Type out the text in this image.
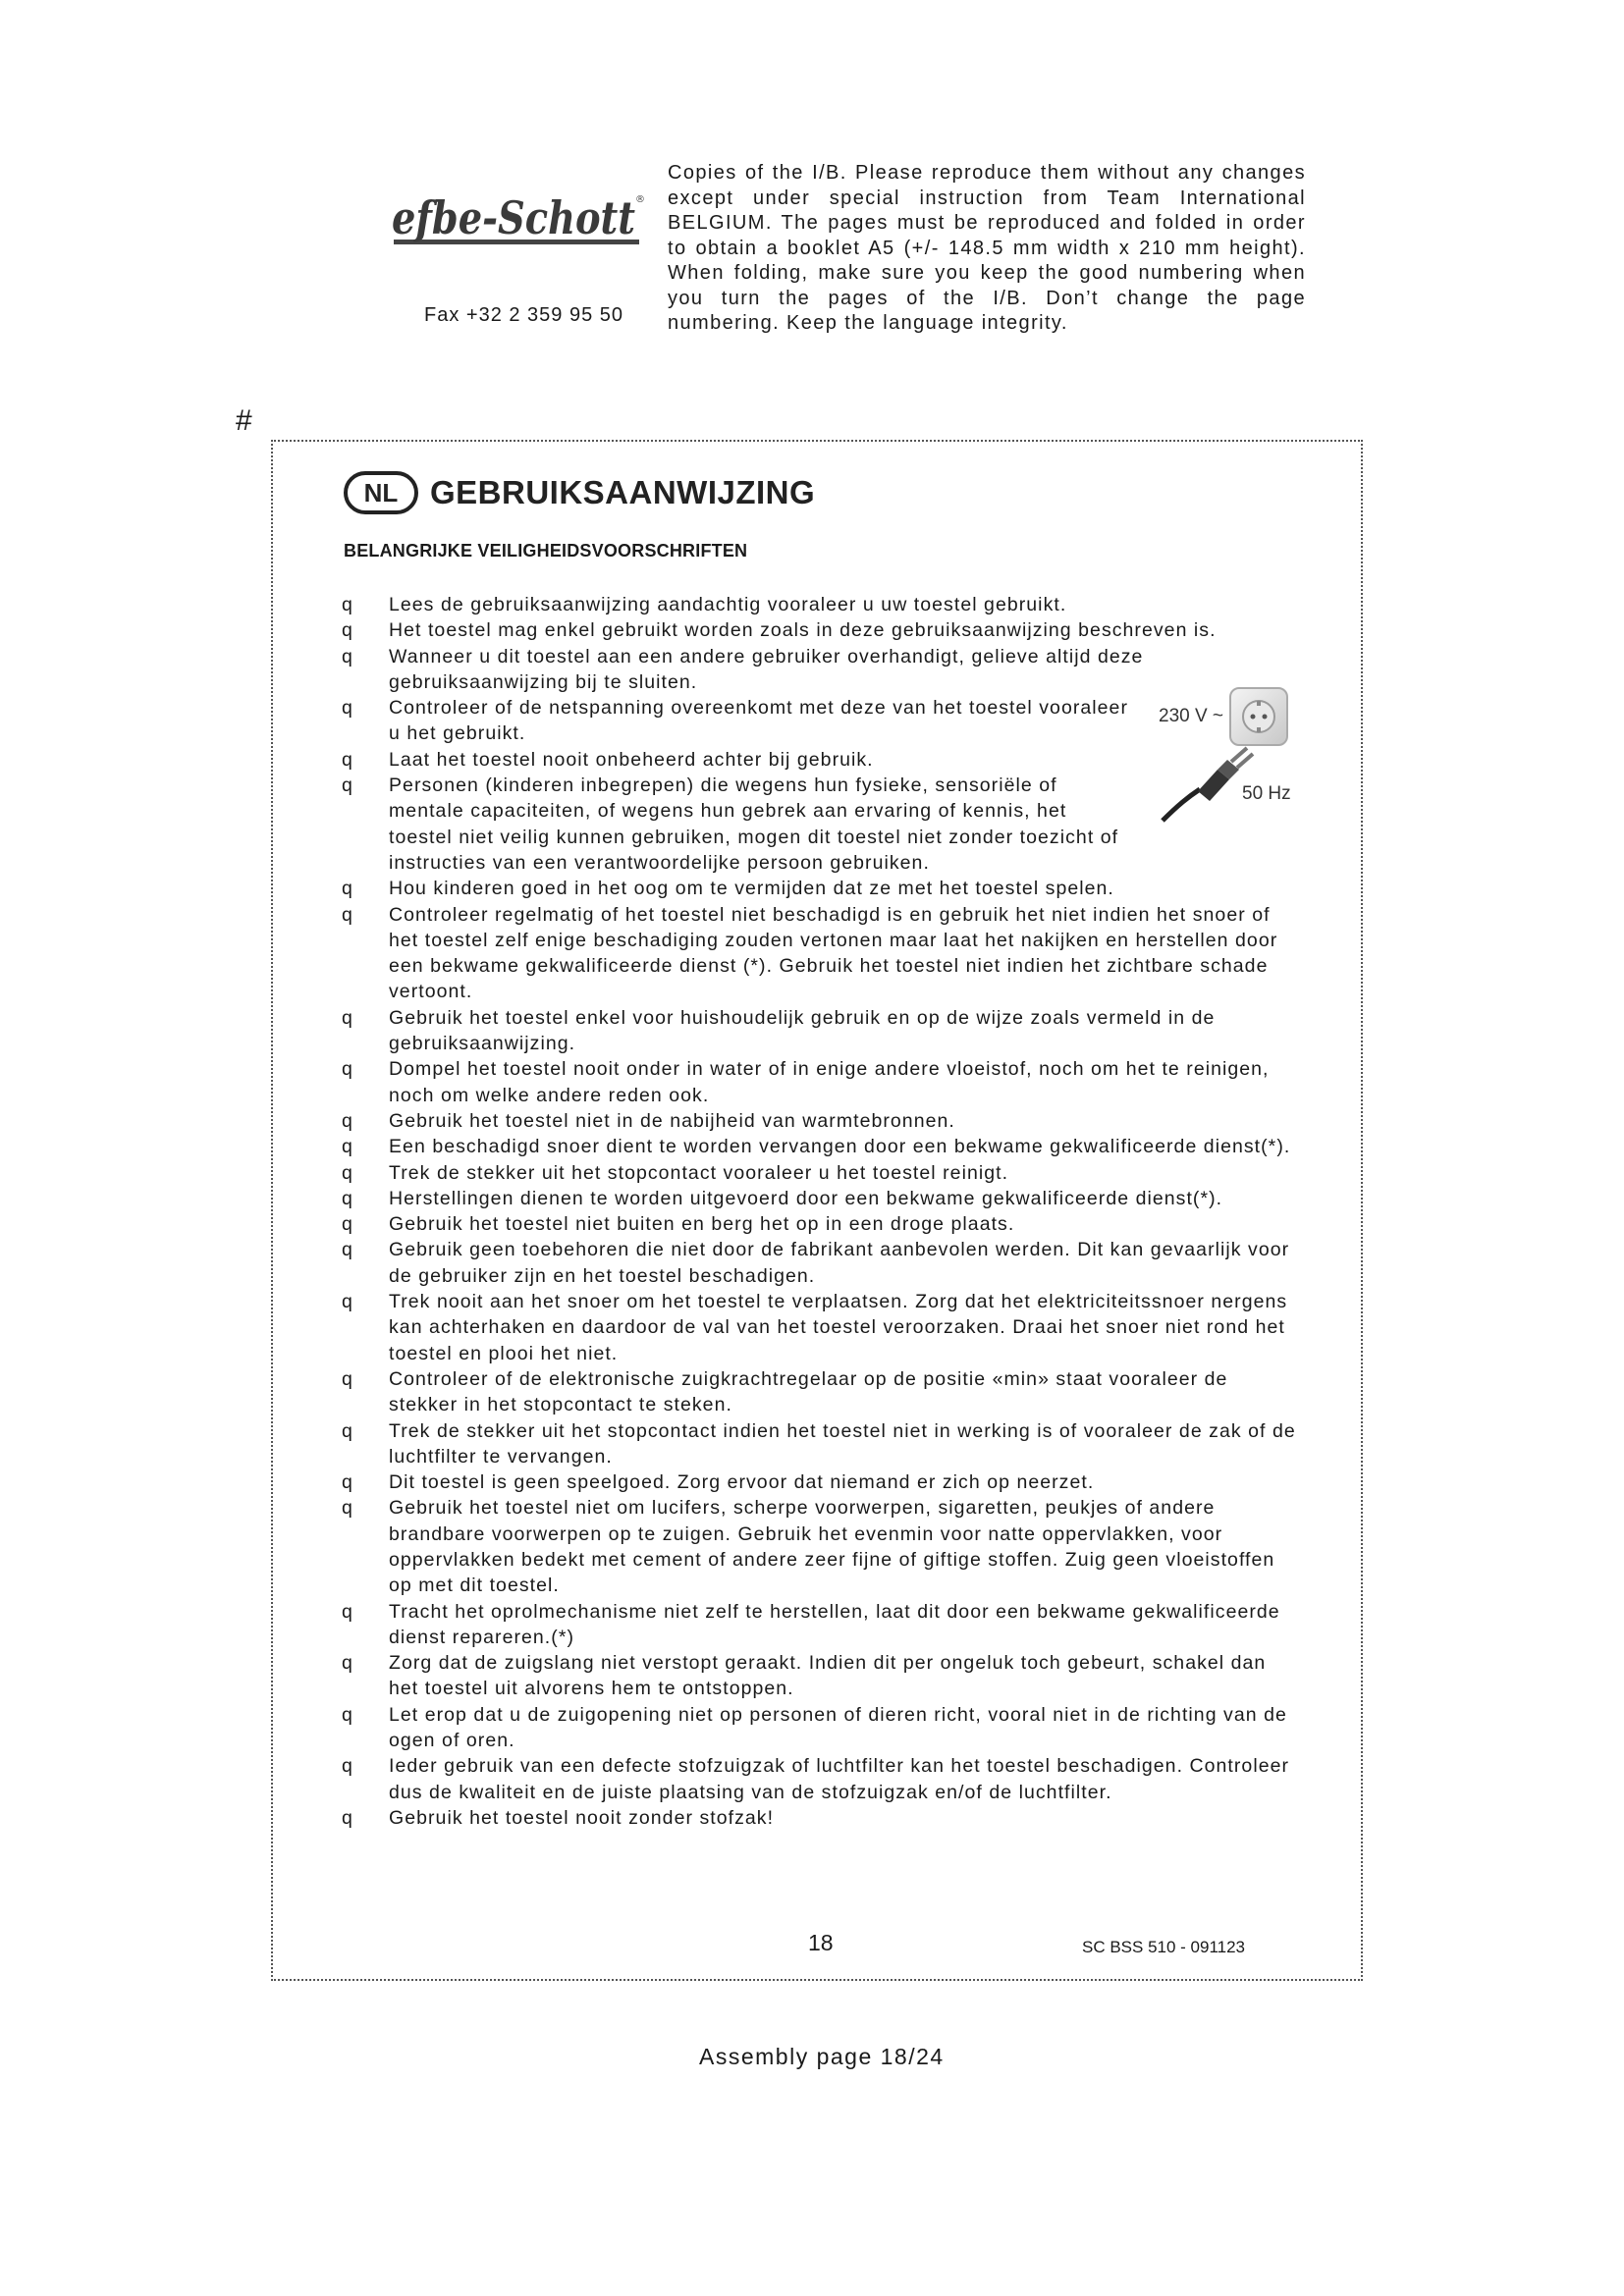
efbe-Schott ®
Fax +32 2 359 95 50
Copies of the I/B. Please reproduce them without any changes except under special instruction from Team International BELGIUM. The pages must be reproduced and folded in order to obtain a booklet A5 (+/- 148.5 mm width x 210 mm height). When folding, make sure you keep the good numbering when you turn the pages of the I/B. Don’t change the page numbering. Keep the language integrity.
#
NL GEBRUIKSAANWIJZING
BELANGRIJKE VEILIGHEIDSVOORSCHRIFTEN
q Lees de gebruiksaanwijzing aandachtig vooraleer u uw toestel gebruikt.
q Het toestel mag enkel gebruikt worden zoals in deze gebruiksaanwijzing beschreven is.
q Wanneer u dit toestel aan een andere gebruiker overhandigt, gelieve altijd deze gebruiksaanwijzing bij te sluiten.
q Controleer of de netspanning overeenkomt met deze van het toestel vooraleer u het gebruikt.
q Laat het toestel nooit onbeheerd achter bij gebruik.
q Personen (kinderen inbegrepen) die wegens hun fysieke, sensoriële of mentale capaciteiten, of wegens hun gebrek aan ervaring of kennis, het toestel niet veilig kunnen gebruiken, mogen dit toestel niet zonder toezicht of instructies van een verantwoordelijke persoon gebruiken.
q Hou kinderen goed in het oog om te vermijden dat ze met het toestel spelen.
q Controleer regelmatig of het toestel niet beschadigd is en gebruik het niet indien het snoer of het toestel zelf enige beschadiging zouden vertonen maar laat het nakijken en herstellen door een bekwame gekwalificeerde dienst (*). Gebruik het toestel niet indien het zichtbare schade vertoont.
q Gebruik het toestel enkel voor huishoudelijk gebruik en op de wijze zoals vermeld in de gebruiksaanwijzing.
q Dompel het toestel nooit onder in water of in enige andere vloeistof, noch om het te reinigen, noch om welke andere reden ook.
q Gebruik het toestel niet in de nabijheid van warmtebronnen.
q Een beschadigd snoer dient te worden vervangen door een bekwame gekwalificeerde dienst(*).
q Trek de stekker uit het stopcontact vooraleer u het toestel reinigt.
q Herstellingen dienen te worden uitgevoerd door een bekwame gekwalificeerde dienst(*).
q Gebruik het toestel niet buiten en berg het op in een droge plaats.
q Gebruik geen toebehoren die niet door de fabrikant aanbevolen werden. Dit kan gevaarlijk voor de gebruiker zijn en het toestel beschadigen.
q Trek nooit aan het snoer om het toestel te verplaatsen. Zorg dat het elektriciteitssnoer nergens kan achterhaken en daardoor de val van het toestel veroorzaken. Draai het snoer niet rond het toestel en plooi het niet.
q Controleer of de elektronische zuigkrachtregelaar op de positie «min» staat vooraleer de stekker in het stopcontact te steken.
q Trek de stekker uit het stopcontact indien het toestel niet in werking is of vooraleer de zak of de luchtfilter te vervangen.
q Dit toestel is geen speelgoed. Zorg ervoor dat niemand er zich op neerzet.
q Gebruik het toestel niet om lucifers, scherpe voorwerpen, sigaretten, peukjes of andere brandbare voorwerpen op te zuigen. Gebruik het evenmin voor natte oppervlakken, voor oppervlakken bedekt met cement of andere zeer fijne of giftige stoffen. Zuig geen vloeistoffen op met dit toestel.
q Tracht het oprolmechanisme niet zelf te herstellen, laat dit door een bekwame gekwalificeerde dienst repareren.(*)
q Zorg dat de zuigslang niet verstopt geraakt. Indien dit per ongeluk toch gebeurt, schakel dan het toestel uit alvorens hem te ontstoppen.
q Let erop dat u de zuigopening niet op personen of dieren richt, vooral niet in de richting van de ogen of oren.
q Ieder gebruik van een defecte stofzuigzak of luchtfilter kan het toestel beschadigen. Controleer dus de kwaliteit en de juiste plaatsing van de stofzuigzak en/of de luchtfilter.
q Gebruik het toestel nooit zonder stofzak!
230 V ~
50 Hz
18	SC BSS 510 - 091123
Assembly page 18/24
